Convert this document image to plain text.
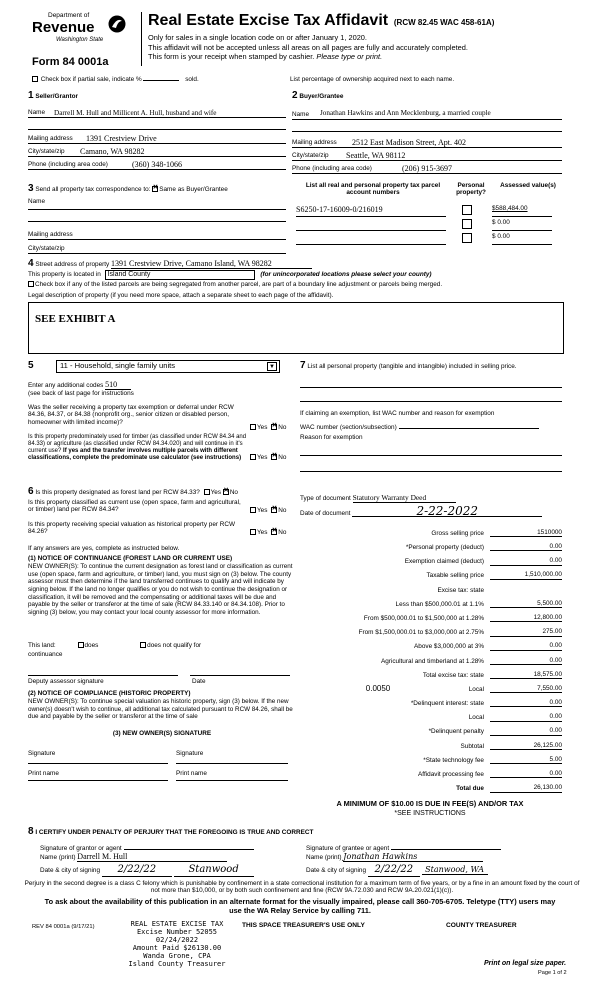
Department of
Revenue
Washington State
Form 84 0001a
Real Estate Excise Tax Affidavit (RCW 82.45 WAC 458-61A)
Only for sales in a single location code on or after January 1, 2020.
This affidavit will not be accepted unless all areas on all pages are fully and accurately completed.
This form is your receipt when stamped by cashier. Please type or print.
Check box if partial sale, indicate %	sold.	List percentage of ownership acquired next to each name.
1 Seller/Grantor
Name Darrell M. Hull and Millicent A. Hull, husband and wife
Mailing address 1391 Crestview Drive
City/state/zip Camano, WA 98282
Phone (including area code)	(360) 348-1066
2 Buyer/Grantee
Name Jonathan Hawkins and Ann Mecklenburg, a married couple
Mailing address 2512 East Madison Street, Apt. 402
City/state/zip Seattle, WA 98112
Phone (including area code)	(206) 915-3697
3 Send all property tax correspondence to: ✕ Same as Buyer/Grantee
Name
Mailing address
City/state/zip
List all real and personal property tax parcel account numbers
Personal property?
Assessed value(s)
S6250-17-16009-0/216019	$588,484.00
$ 0.00
$ 0.00
4 Street address of property 1391 Crestview Drive, Camano Island, WA 98282
This property is located in Island County	(for unincorporated locations please select your county)
Check box if any of the listed parcels are being segregated from another parcel, are part of a boundary line adjustment or parcels being merged.
Legal description of property (if you need more space, attach a separate sheet to each page of the affidavit).
SEE EXHIBIT A
5	11 - Household, single family units	▼
Enter any additional codes 510
(see back of last page for instructions
Was the seller receiving a property tax exemption or deferral under RCW 84.36, 84.37, or 84.38 (nonprofit org., senior citizen or disabled person, homeowner with limited income)?
Yes ✕ No
Is this property predominately used for timber (as classified under RCW 84.34 and 84.33) or agriculture (as classified under RCW 84.34.020) and will continue in it's current use? If yes and the transfer involves multiple parcels with different classifications, complete the predominate use calculator (see instructions)	Yes ✕ No
6 Is this property designated as forest land per RCW 84.33? Yes ✕ No
Is this property classified as current use (open space, farm and agricultural, or timber) land per RCW 84.34?	Yes ✕ No
Is this property receiving special valuation as historical property per RCW 84.26?	Yes ✕ No
If any answers are yes, complete as instructed below.
(1) NOTICE OF CONTINUANCE (FOREST LAND OR CURRENT USE)
NEW OWNER(S): To continue the current designation as forest land or classification as current use (open space, farm and agriculture, or timber) land, you must sign on (3) below. The county assessor must then determine if the land transferred continues to qualify and will indicate by signing below. If the land no longer qualifies or you do not wish to continue the designation or classification, it will be removed and the compensating or additional taxes will be due and payable by the seller or transferor at the time of sale (RCW 84.33.140 or 84.34.108). Prior to signing (3) below, you may contact your local county assessor for more information.
This land:	does	does not qualify for
continuance
Deputy assessor signature	Date
(2) NOTICE OF COMPLIANCE (HISTORIC PROPERTY)
NEW OWNER(S): To continue special valuation as historic property, sign (3) below. If the new owner(s) doesn't wish to continue, all additional tax calculated pursuant to RCW 84.26, shall be due and payable by the seller or transferor at the time of sale
(3) NEW OWNER(S) SIGNATURE
Signature	Signature
Print name	Print name
7 List all personal property (tangible and intangible) included in selling price.
If claiming an exemption, list WAC number and reason for exemption
WAC number (section/subsection)
Reason for exemption
Type of document Statutory Warranty Deed
Date of document	2-22-2022
Gross selling price	1510000
*Personal property (deduct)	0.00
Exemption claimed (deduct)	0.00
Taxable selling price	1,510,000.00
Excise tax: state
Less than $500,000.01 at 1.1%	5,500.00
From $500,000.01 to $1,500,000 at 1.28%	12,800.00
From $1,500,000.01 to $3,000,000 at 2.75%	275.00
Above $3,000,000 at 3%	0.00
Agricultural and timberland at 1.28%	0.00
Total excise tax: state	18,575.00
0.0050	Local	7,550.00
*Delinquent interest: state	0.00
Local	0.00
*Delinquent penalty	0.00
Subtotal	26,125.00
*State technology fee	5.00
Affidavit processing fee	0.00
Total due	26,130.00
A MINIMUM OF $10.00 IS DUE IN FEE(S) AND/OR TAX
*SEE INSTRUCTIONS
8 I CERTIFY UNDER PENALTY OF PERJURY THAT THE FOREGOING IS TRUE AND CORRECT
Signature of grantor or agent
Name (print) Darrell M. Hull
Date & city of signing 2/22/22	Stanwood
Signature of grantee or agent
Name (print) Jonathan Hawkins
Date & city of signing 2/22/22 Stanwood, WA
Perjury in the second degree is a class C felony which is punishable by confinement in a state correctional institution for a maximum term of five years, or by a fine in an amount fixed by the court of not more than $10,000, or by both such confinement and fine (RCW 9A.72.030 and RCW 9A.20.021(1)(c)).
To ask about the availability of this publication in an alternate format for the visually impaired, please call 360-705-6705. Teletype (TTY) users may use the WA Relay Service by calling 711.
REV 84 0001a (9/17/21)	REAL ESTATE EXCISE TAX
Excise Number 52055
02/24/2022
Amount Paid $26130.00
Wanda Grone, CPA
Island County Treasurer
THIS SPACE TREASURER'S USE ONLY	COUNTY TREASURER
Print on legal size paper.
Page 1 of 2
